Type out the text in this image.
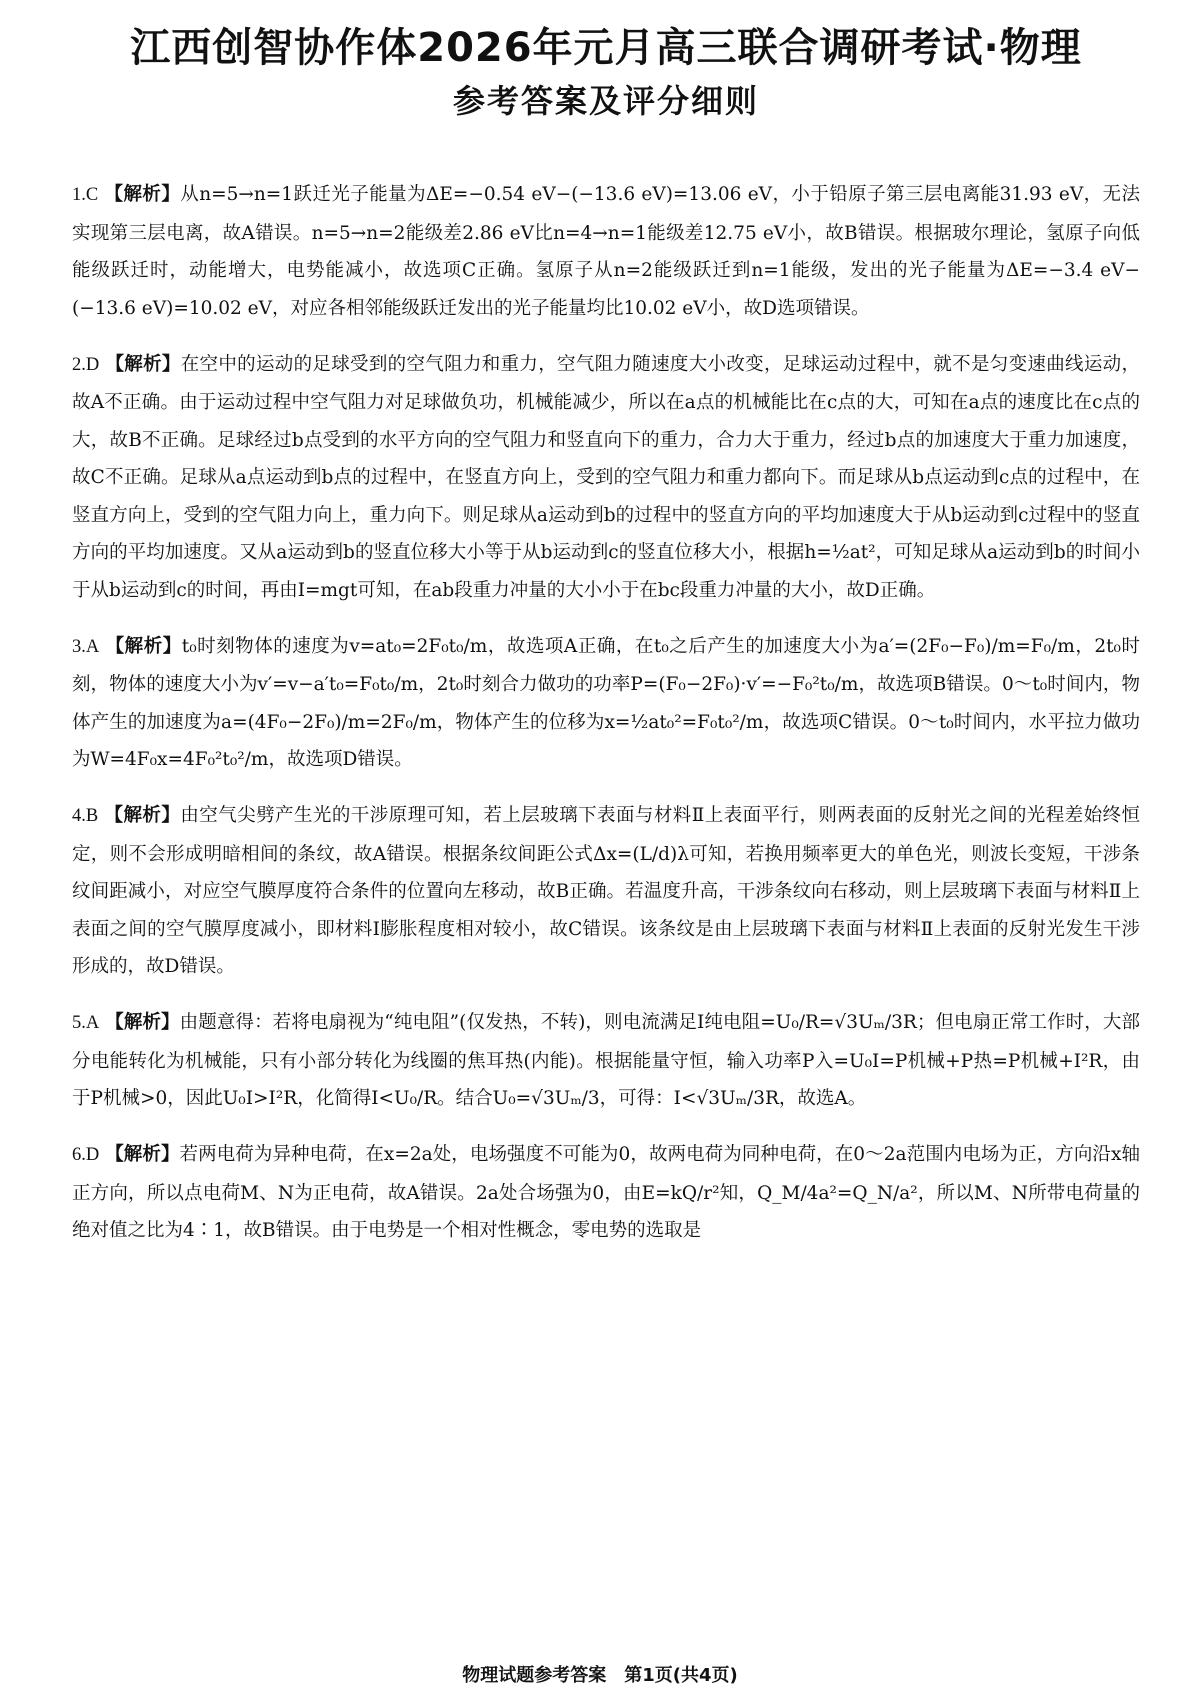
江西创智协作体2026年元月高三联合调研考试·物理
参考答案及评分细则

1.C 【解析】从n=5→n=1跃迁光子能量为ΔE=−0.54 eV−(−13.6 eV)=13.06 eV，小于铅原子第三层电离能31.93 eV，无法实现第三层电离，故A错误。n=5→n=2能级差2.86 eV比n=4→n=1能级差12.75 eV小，故B错误。根据玻尔理论，氢原子向低能级跃迁时，动能增大，电势能减小，故选项C正确。氢原子从n=2能级跃迁到n=1能级，发出的光子能量为ΔE=−3.4 eV−(−13.6 eV)=10.02 eV，对应各相邻能级跃迁发出的光子能量均比10.02 eV小，故D选项错误。

2.D 【解析】在空中的运动的足球受到的空气阻力和重力，空气阻力随速度大小改变，足球运动过程中，就不是匀变速曲线运动，故A不正确。由于运动过程中空气阻力对足球做负功，机械能减少，所以在a点的机械能比在c点的大，可知在a点的速度比在c点的大，故B不正确。足球经过b点受到的水平方向的空气阻力和竖直向下的重力，合力大于重力，经过b点的加速度大于重力加速度，故C不正确。足球从a点运动到b点的过程中，在竖直方向上，受到的空气阻力和重力都向下。而足球从b点运动到c点的过程中，在竖直方向上，受到的空气阻力向上，重力向下。则足球从a运动到b的过程中的竖直方向的平均加速度大于从b运动到c过程中的竖直方向的平均加速度。又从a运动到b的竖直位移大小等于从b运动到c的竖直位移大小，根据h=½at²，可知足球从a运动到b的时间小于从b运动到c的时间，再由I=mgt可知，在ab段重力冲量的大小小于在bc段重力冲量的大小，故D正确。

3.A 【解析】t₀时刻物体的速度为v=at₀=2F₀t₀/m，故选项A正确，在t₀之后产生的加速度大小为a′=(2F₀−F₀)/m=F₀/m，2t₀时刻，物体的速度大小为v′=v−a′t₀=F₀t₀/m，2t₀时刻合力做功的功率P=(F₀−2F₀)·v′=−F₀²t₀/m，故选项B错误。0～t₀时间内，物体产生的加速度为a=(4F₀−2F₀)/m=2F₀/m，物体产生的位移为x=½at₀²=F₀t₀²/m，故选项C错误。0～t₀时间内，水平拉力做功为W=4F₀x=4F₀²t₀²/m，故选项D错误。

4.B 【解析】由空气尖劈产生光的干涉原理可知，若上层玻璃下表面与材料Ⅱ上表面平行，则两表面的反射光之间的光程差始终恒定，则不会形成明暗相间的条纹，故A错误。根据条纹间距公式Δx=(L/d)λ可知，若换用频率更大的单色光，则波长变短，干涉条纹间距减小，对应空气膜厚度符合条件的位置向左移动，故B正确。若温度升高，干涉条纹向右移动，则上层玻璃下表面与材料Ⅱ上表面之间的空气膜厚度减小，即材料Ⅰ膨胀程度相对较小，故C错误。该条纹是由上层玻璃下表面与材料Ⅱ上表面的反射光发生干涉形成的，故D错误。

5.A 【解析】由题意得：若将电扇视为“纯电阻”(仅发热，不转)，则电流满足I纯电阻=U₀/R=√3Uₘ/3R；但电扇正常工作时，大部分电能转化为机械能，只有小部分转化为线圈的焦耳热(内能)。根据能量守恒，输入功率P入=U₀I=P机械+P热=P机械+I²R，由于P机械>0，因此U₀I>I²R，化简得I<U₀/R。结合U₀=√3Uₘ/3，可得：I<√3Uₘ/3R，故选A。

6.D 【解析】若两电荷为异种电荷，在x=2a处，电场强度不可能为0，故两电荷为同种电荷，在0～2a范围内电场为正，方向沿x轴正方向，所以点电荷M、N为正电荷，故A错误。2a处合场强为0，由E=kQ/r²知，Q_M/4a²=Q_N/a²，所以M、N所带电荷量的绝对值之比为4∶1，故B错误。由于电势是一个相对性概念，零电势的选取是

物理试题参考答案　第1页(共4页)
